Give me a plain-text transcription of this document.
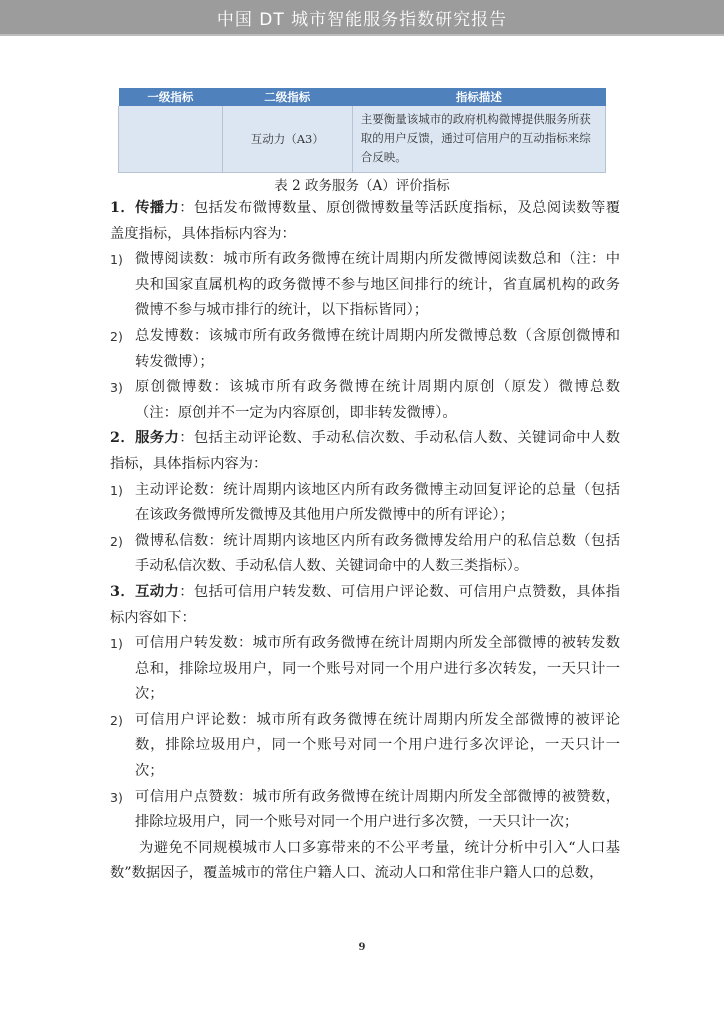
中国 DT 城市智能服务指数研究报告
一级指标	二级指标	指标描述
	互动力（A3）	主要衡量该城市的政府机构微博提供服务所获取的用户反馈，通过可信用户的互动指标来综合反映。
表 2 政务服务（A）评价指标

1．传播力：包括发布微博数量、原创微博数量等活跃度指标，及总阅读数等覆盖度指标，具体指标内容为：

1) 微博阅读数：城市所有政务微博在统计周期内所发微博阅读数总和（注：中央和国家直属机构的政务微博不参与地区间排行的统计，省直属机构的政务微博不参与城市排行的统计，以下指标皆同）；
2) 总发博数：该城市所有政务微博在统计周期内所发微博总数（含原创微博和转发微博）；
3) 原创微博数：该城市所有政务微博在统计周期内原创（原发）微博总数（注：原创并不一定为内容原创，即非转发微博）。

2．服务力：包括主动评论数、手动私信次数、手动私信人数、关键词命中人数指标，具体指标内容为：

1) 主动评论数：统计周期内该地区内所有政务微博主动回复评论的总量（包括在该政务微博所发微博及其他用户所发微博中的所有评论）；
2) 微博私信数：统计周期内该地区内所有政务微博发给用户的私信总数（包括手动私信次数、手动私信人数、关键词命中的人数三类指标）。

3．互动力：包括可信用户转发数、可信用户评论数、可信用户点赞数，具体指标内容如下：

1) 可信用户转发数：城市所有政务微博在统计周期内所发全部微博的被转发数总和，排除垃圾用户，同一个账号对同一个用户进行多次转发，一天只计一次；
2) 可信用户评论数：城市所有政务微博在统计周期内所发全部微博的被评论数，排除垃圾用户，同一个账号对同一个用户进行多次评论，一天只计一次；
3) 可信用户点赞数：城市所有政务微博在统计周期内所发全部微博的被赞数，排除垃圾用户，同一个账号对同一个用户进行多次赞，一天只计一次；

为避免不同规模城市人口多寡带来的不公平考量，统计分析中引入“人口基数”数据因子，覆盖城市的常住户籍人口、流动人口和常住非户籍人口的总数，

9
